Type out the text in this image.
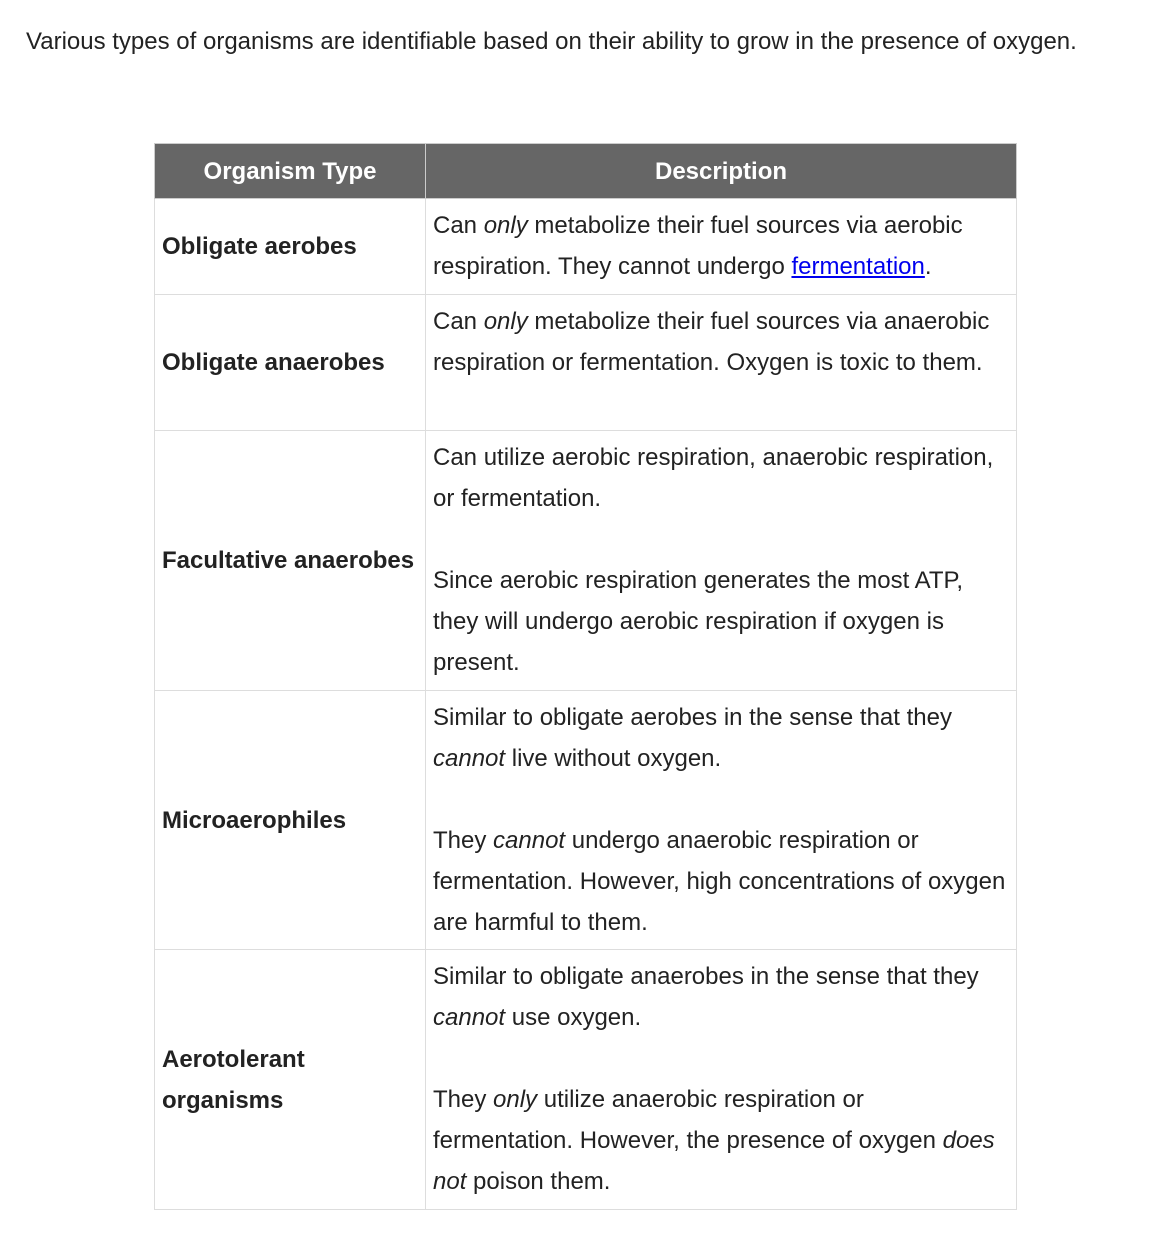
Various types of organisms are identifiable based on their ability to grow in the presence of oxygen.

Organism Type	Description
Obligate aerobes	Can only metabolize their fuel sources via aerobic respiration. They cannot undergo fermentation.
Obligate anaerobes	Can only metabolize their fuel sources via anaerobic respiration or fermentation. Oxygen is toxic to them.
Facultative anaerobes	Can utilize aerobic respiration, anaerobic respiration, or fermentation.
Since aerobic respiration generates the most ATP, they will undergo aerobic respiration if oxygen is present.

Microaerophiles	Similar to obligate aerobes in the sense that they cannot live without oxygen.
They cannot undergo anaerobic respiration or fermentation. However, high concentrations of oxygen are harmful to them.

Aerotolerant organisms	Similar to obligate anaerobes in the sense that they cannot use oxygen.
They only utilize anaerobic respiration or fermentation. However, the presence of oxygen does not poison them.
